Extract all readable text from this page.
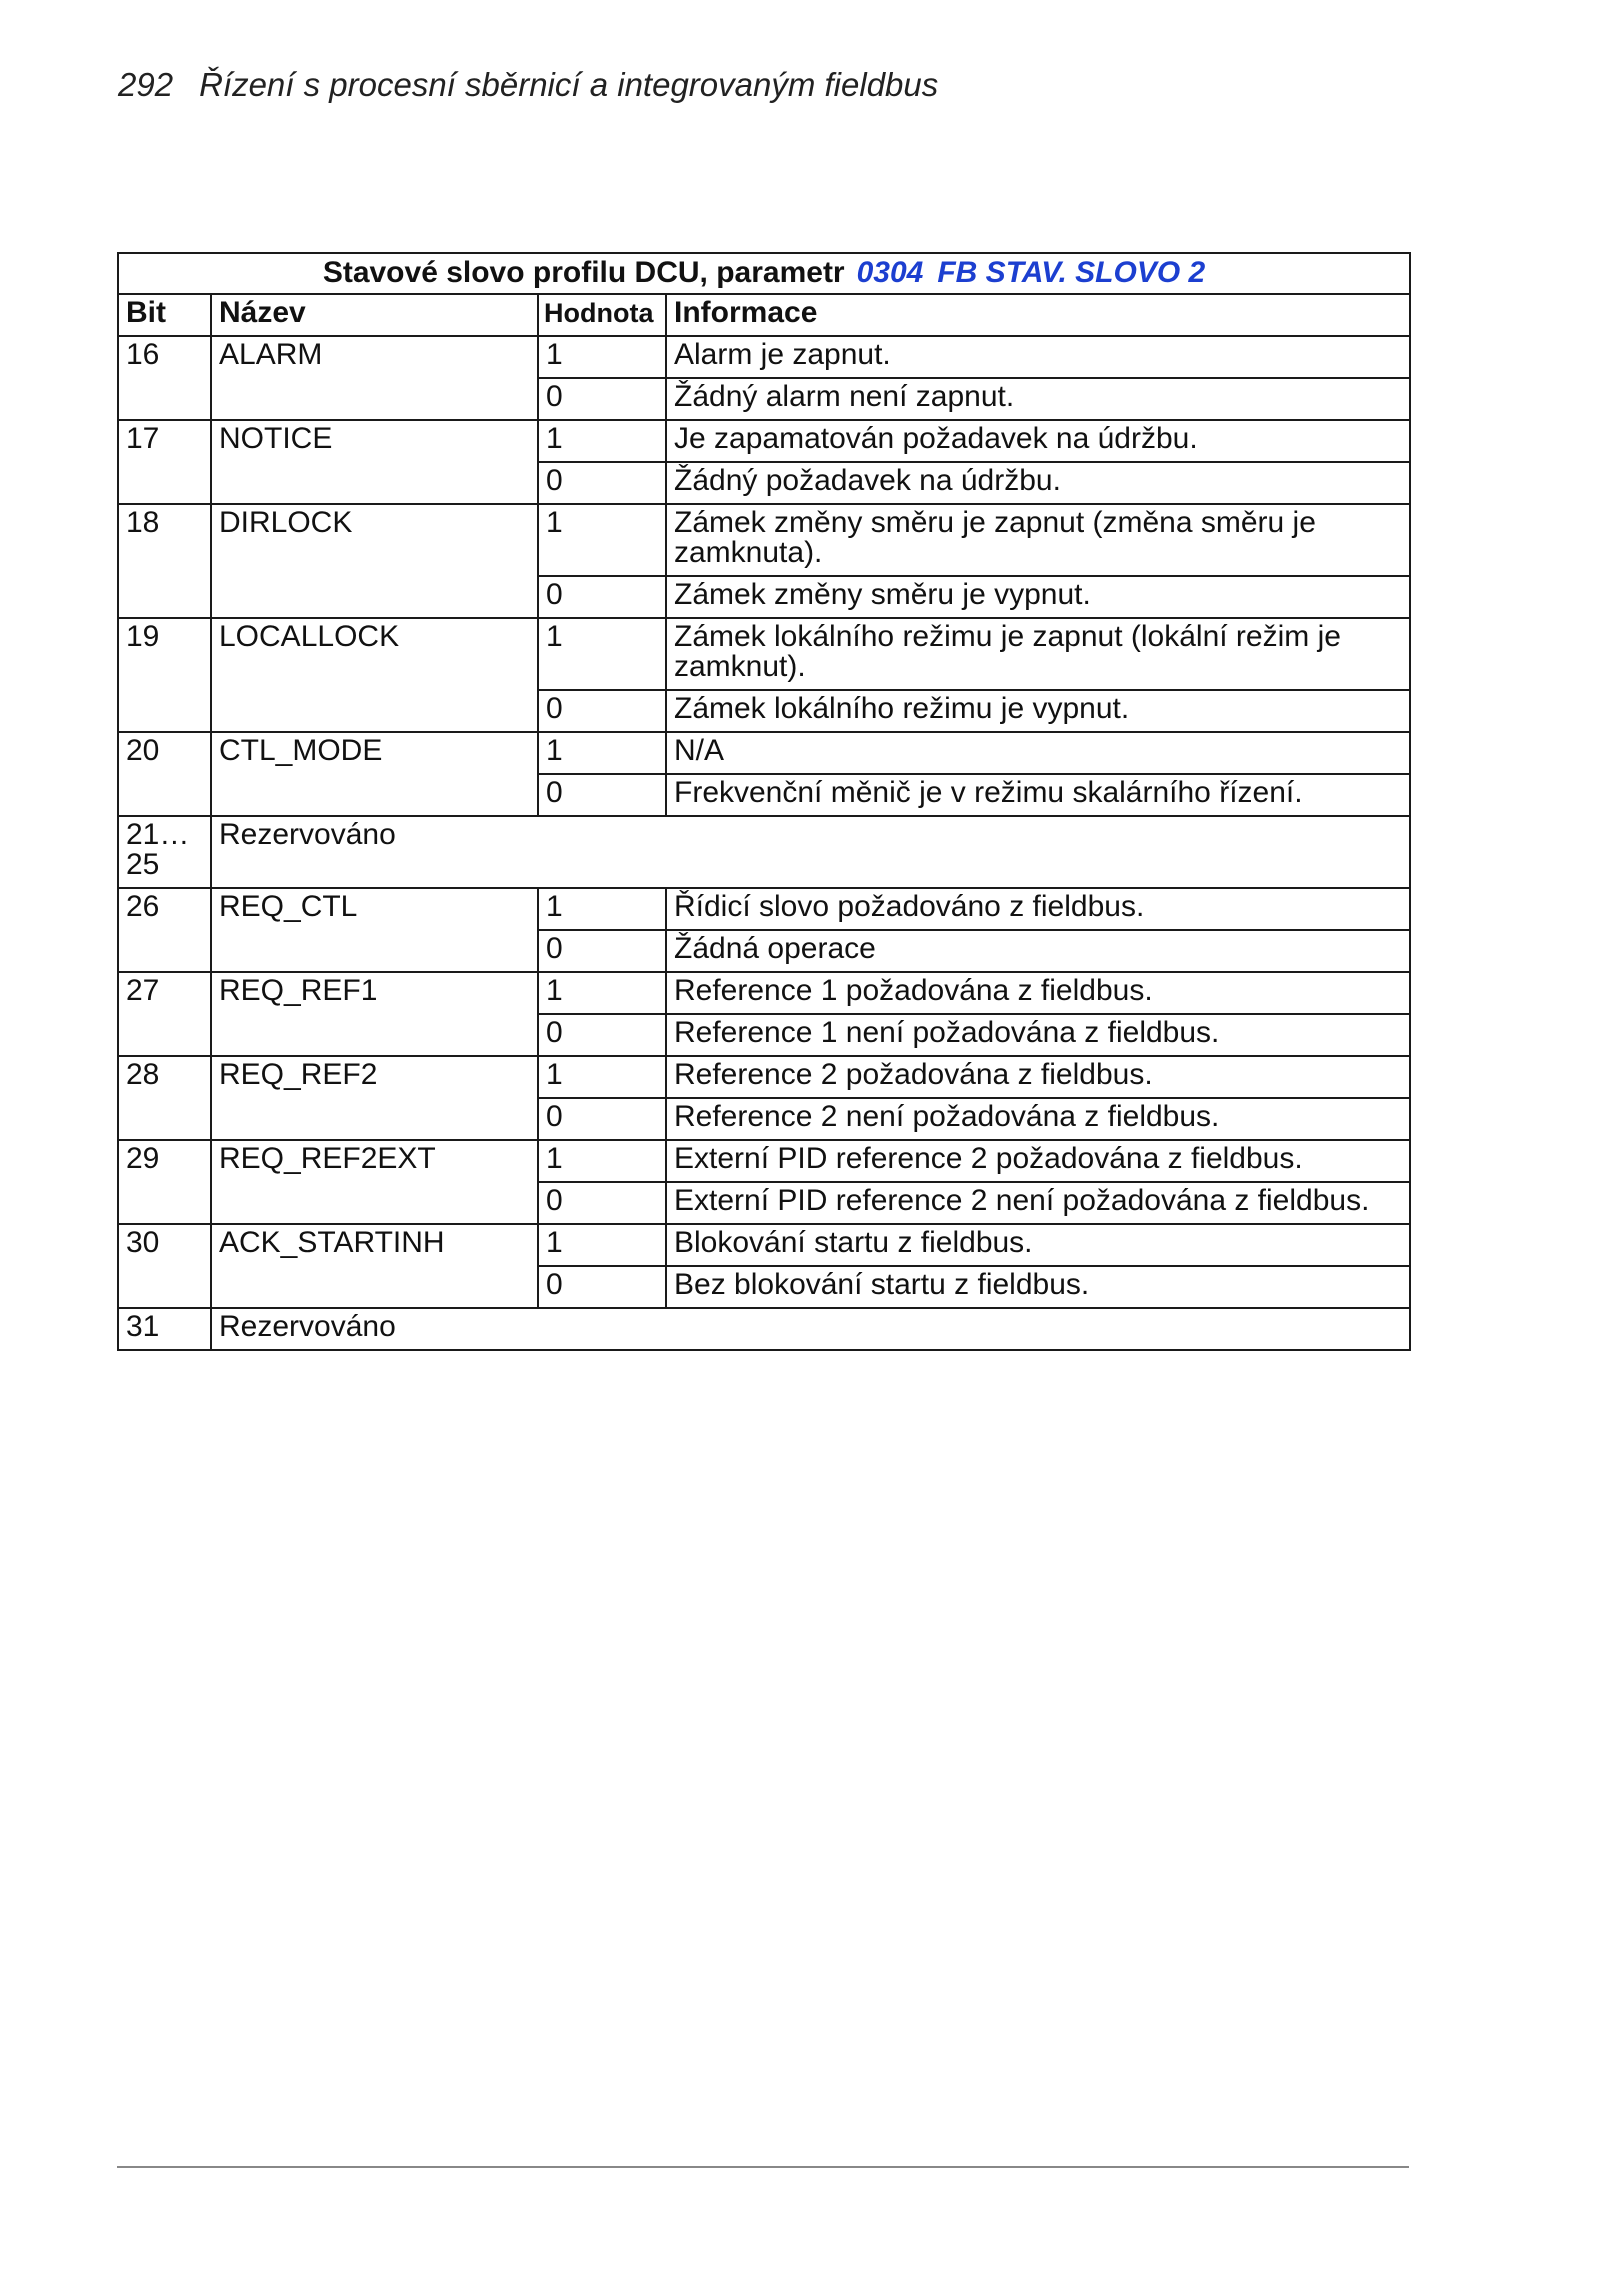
292 Řízení s procesní sběrnicí a integrovaným fieldbus
Stavové slovo profilu DCU, parametr 0304 FB STAV. SLOVO 2			
Bit	Název	Hodnota	Informace
16	ALARM	1	Alarm je zapnut.
		0	Žádný alarm není zapnut.
17	NOTICE	1	Je zapamatován požadavek na údržbu.
		0	Žádný požadavek na údržbu.
18	DIRLOCK	1	Zámek změny směru je zapnut (změna směru je zamknuta).
		0	Zámek změny směru je vypnut.
19	LOCALLOCK	1	Zámek lokálního režimu je zapnut (lokální režim je zamknut).
		0	Zámek lokálního režimu je vypnut.
20	CTL_MODE	1	N/A
		0	Frekvenční měnič je v režimu skalárního řízení.
21… 25	Rezervováno		
26	REQ_CTL	1	Řídicí slovo požadováno z fieldbus.
		0	Žádná operace
27	REQ_REF1	1	Reference 1 požadována z fieldbus.
		0	Reference 1 není požadována z fieldbus.
28	REQ_REF2	1	Reference 2 požadována z fieldbus.
		0	Reference 2 není požadována z fieldbus.
29	REQ_REF2EXT	1	Externí PID reference 2 požadována z fieldbus.
		0	Externí PID reference 2 není požadována z fieldbus.
30	ACK_STARTINH	1	Blokování startu z fieldbus.
		0	Bez blokování startu z fieldbus.
31	Rezervováno		
